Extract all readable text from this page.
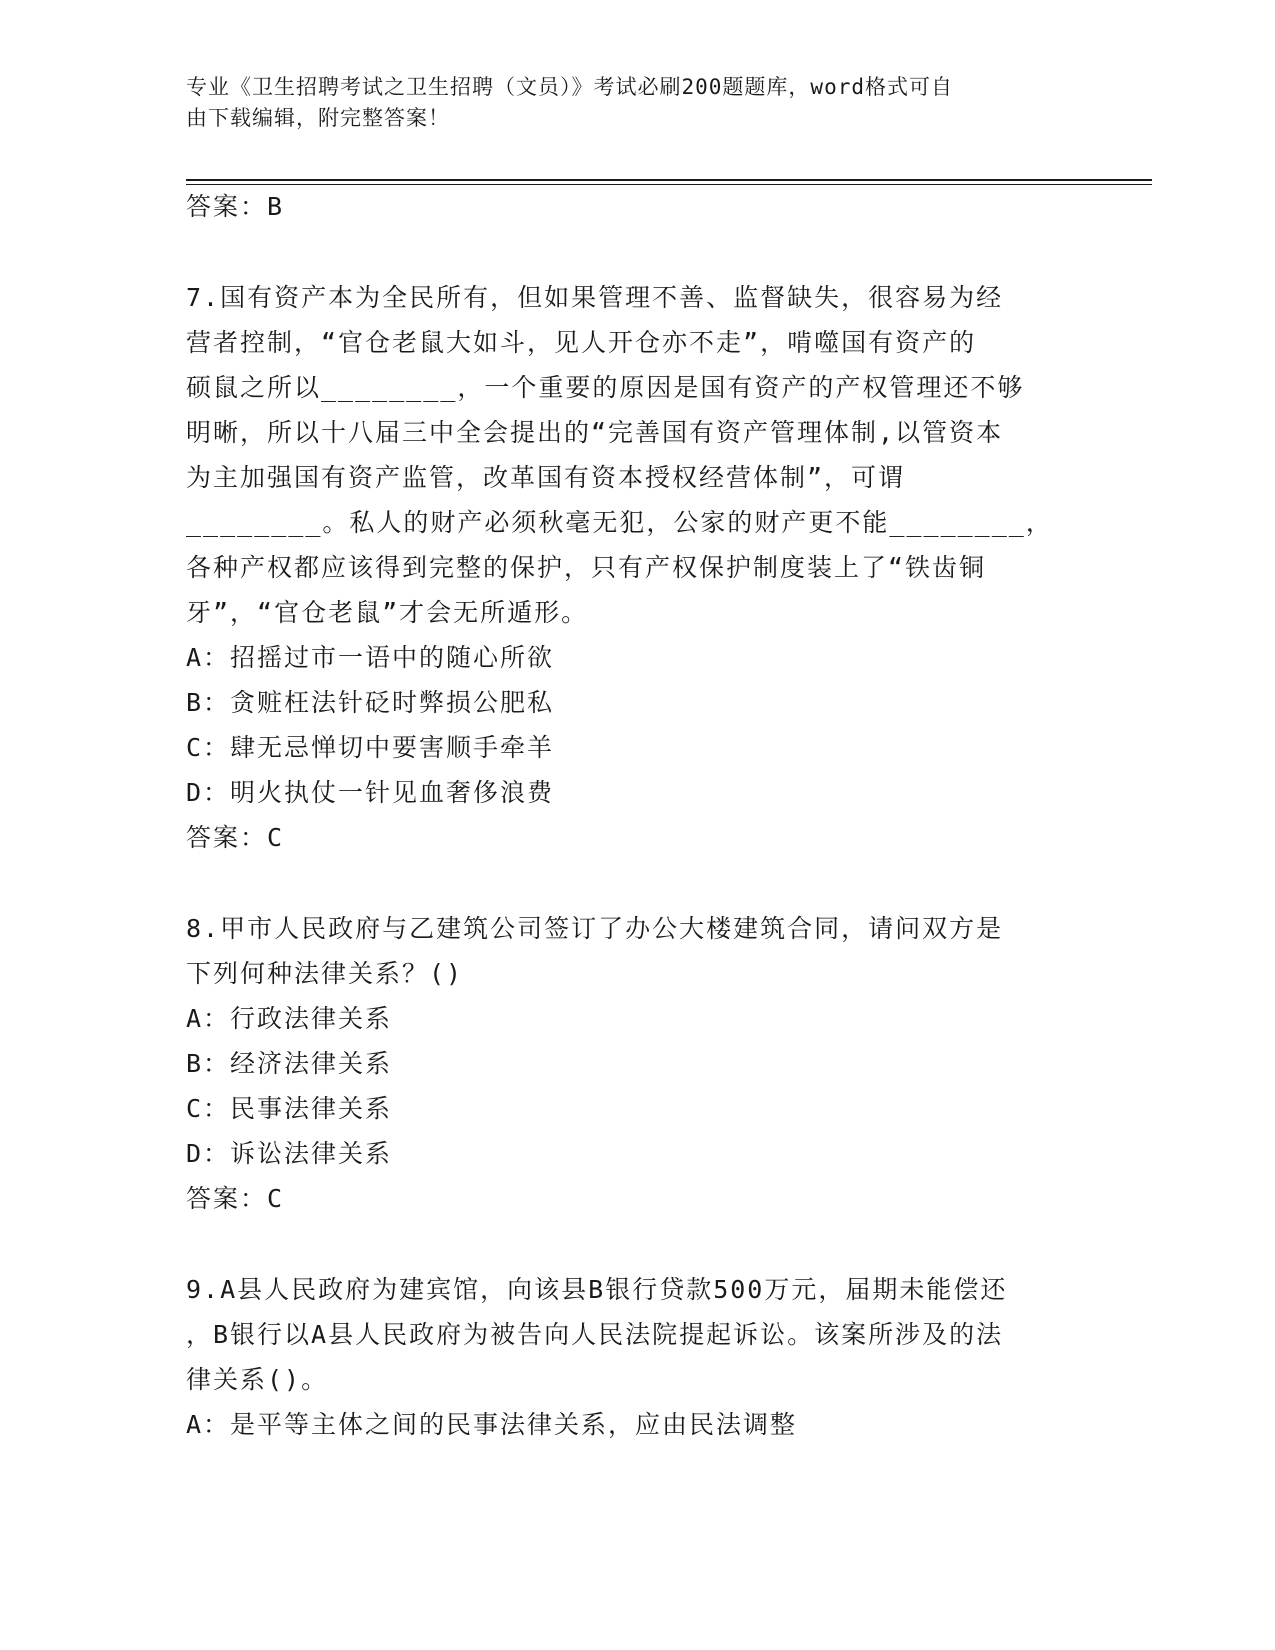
专业《卫生招聘考试之卫生招聘（文员）》考试必刷200题题库，word格式可自
由下载编辑，附完整答案！
答案：B
7.国有资产本为全民所有，但如果管理不善、监督缺失，很容易为经
营者控制，“官仓老鼠大如斗，见人开仓亦不走”，啃噬国有资产的
硕鼠之所以________，一个重要的原因是国有资产的产权管理还不够
明晰，所以十八届三中全会提出的“完善国有资产管理体制,以管资本
为主加强国有资产监管，改革国有资本授权经营体制”，可谓
________。私人的财产必须秋毫无犯，公家的财产更不能________，
各种产权都应该得到完整的保护，只有产权保护制度装上了“铁齿铜
牙”，“官仓老鼠”才会无所遁形。
A：招摇过市一语中的随心所欲
B：贪赃枉法针砭时弊损公肥私
C：肆无忌惮切中要害顺手牵羊
D：明火执仗一针见血奢侈浪费
答案：C
8.甲市人民政府与乙建筑公司签订了办公大楼建筑合同，请问双方是
下列何种法律关系？()
A：行政法律关系
B：经济法律关系
C：民事法律关系
D：诉讼法律关系
答案：C
9.A县人民政府为建宾馆，向该县B银行贷款500万元，届期未能偿还
，B银行以A县人民政府为被告向人民法院提起诉讼。该案所涉及的法
律关系()。
A：是平等主体之间的民事法律关系，应由民法调整
